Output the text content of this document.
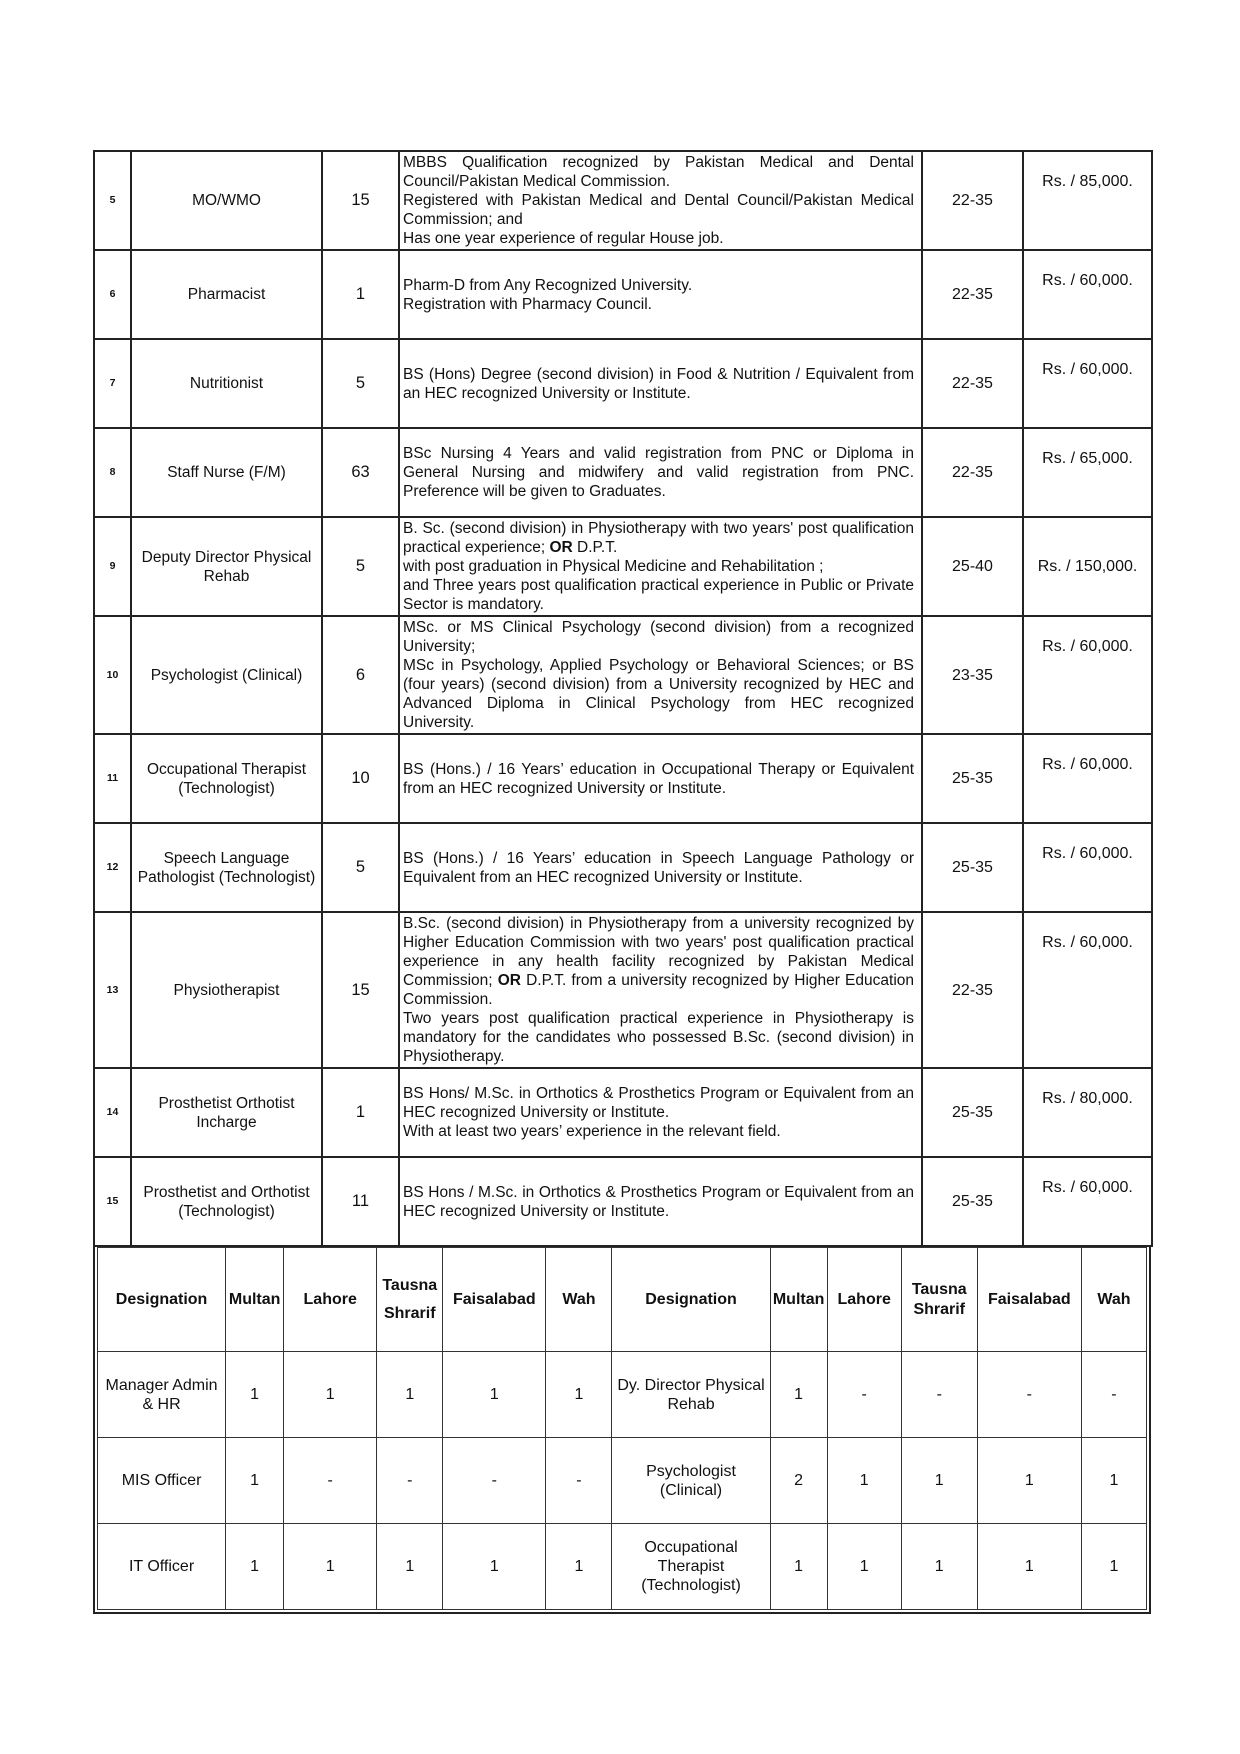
5	MO/WMO	15	MBBS Qualification recognized by Pakistan Medical and Dental Council/Pakistan Medical Commission.
Registered with Pakistan Medical and Dental Council/Pakistan Medical Commission; and
Has one year experience of regular House job.	22-35	Rs. / 85,000.
6	Pharmacist	1	Pharm-D from Any Recognized University.
Registration with Pharmacy Council.	22-35	Rs. / 60,000.
7	Nutritionist	5	BS (Hons) Degree (second division) in Food & Nutrition / Equivalent from an HEC recognized University or Institute.	22-35	Rs. / 60,000.
8	Staff Nurse (F/M)	63	BSc Nursing 4 Years and valid registration from PNC or Diploma in General Nursing and midwifery and valid registration from PNC. Preference will be given to Graduates.	22-35	Rs. / 65,000.
9	Deputy Director Physical Rehab	5	B. Sc. (second division) in Physiotherapy with two years' post qualification practical experience; OR D.P.T.
with post graduation in Physical Medicine and Rehabilitation ;
and Three years post qualification practical experience in Public or Private Sector is mandatory.	25-40	Rs. / 150,000.
10	Psychologist (Clinical)	6	MSc. or MS Clinical Psychology (second division) from a recognized University;
MSc in Psychology, Applied Psychology or Behavioral Sciences; or BS (four years) (second division) from a University recognized by HEC and Advanced Diploma in Clinical Psychology from HEC recognized University.	23-35	Rs. / 60,000.
11	Occupational Therapist (Technologist)	10	BS (Hons.) / 16 Years’ education in Occupational Therapy or Equivalent from an HEC recognized University or Institute.	25-35	Rs. / 60,000.
12	Speech Language Pathologist (Technologist)	5	BS (Hons.) / 16 Years’ education in Speech Language Pathology or Equivalent from an HEC recognized University or Institute.	25-35	Rs. / 60,000.
13	Physiotherapist	15	B.Sc. (second division) in Physiotherapy from a university recognized by Higher Education Commission with two years' post qualification practical experience in any health facility recognized by Pakistan Medical Commission; OR D.P.T. from a university recognized by Higher Education Commission.
Two years post qualification practical experience in Physiotherapy is mandatory for the candidates who possessed B.Sc. (second division) in Physiotherapy.	22-35	Rs. / 60,000.
14	Prosthetist Orthotist Incharge	1	BS Hons/ M.Sc. in Orthotics & Prosthetics Program or Equivalent from an HEC recognized University or Institute.
With at least two years’ experience in the relevant field.	25-35	Rs. / 80,000.
15	Prosthetist and Orthotist (Technologist)	11	BS Hons / M.Sc. in Orthotics & Prosthetics Program or Equivalent from an HEC recognized University or Institute.	25-35	Rs. / 60,000.
Designation	Multan	Lahore	Tausna Shrarif	Faisalabad	Wah	Designation	Multan	Lahore	Tausna Shrarif	Faisalabad	Wah
Manager Admin & HR	1	1	1	1	1	Dy. Director Physical Rehab	1	-	-	-	-
MIS Officer	1	-	-	-	-	Psychologist (Clinical)	2	1	1	1	1
IT Officer	1	1	1	1	1	Occupational Therapist (Technologist)	1	1	1	1	1
